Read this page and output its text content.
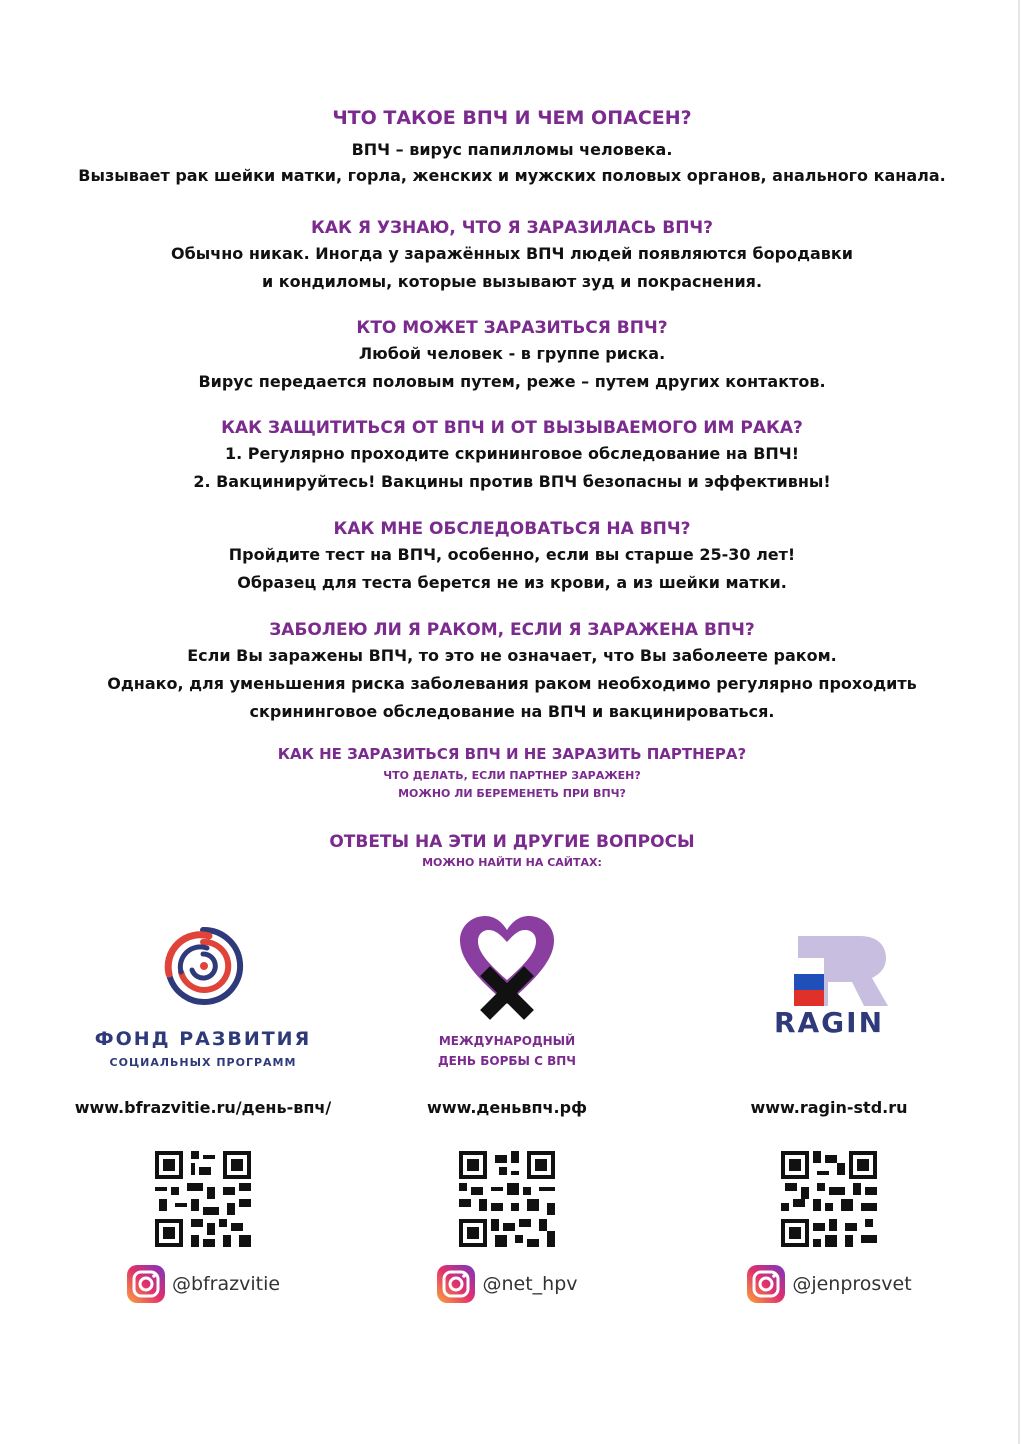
ЧТО ТАКОЕ ВПЧ И ЧЕМ ОПАСЕН?

ВПЧ – вирус папилломы человека.

Вызывает рак шейки матки, горла, женских и мужских половых органов, анального канала.

КАК Я УЗНАЮ, ЧТО Я ЗАРАЗИЛАСЬ ВПЧ?

Обычно никак. Иногда у заражённых ВПЧ людей появляются бородавки

и кондиломы, которые вызывают зуд и покраснения.

КТО МОЖЕТ ЗАРАЗИТЬСЯ ВПЧ?

Любой человек - в группе риска.

Вирус передается половым путем, реже – путем других контактов.

КАК ЗАЩИТИТЬСЯ ОТ ВПЧ И ОТ ВЫЗЫВАЕМОГО ИМ РАКА?

1. Регулярно проходите скрининговое обследование на ВПЧ!

2. Вакцинируйтесь! Вакцины против ВПЧ безопасны и эффективны!

КАК МНЕ ОБСЛЕДОВАТЬСЯ НА ВПЧ?

Пройдите тест на ВПЧ, особенно, если вы старше 25-30 лет!

Образец для теста берется не из крови, а из шейки матки.

ЗАБОЛЕЮ ЛИ Я РАКОМ, ЕСЛИ Я ЗАРАЖЕНА ВПЧ?

Если Вы заражены ВПЧ, то это не означает, что Вы заболеете раком.

Однако, для уменьшения риска заболевания раком необходимо регулярно проходить

скрининговое обследование на ВПЧ и вакцинироваться.

КАК НЕ ЗАРАЗИТЬСЯ ВПЧ И НЕ ЗАРАЗИТЬ ПАРТНЕРА?

ЧТО ДЕЛАТЬ, ЕСЛИ ПАРТНЕР ЗАРАЖЕН?

МОЖНО ЛИ БЕРЕМЕНЕТЬ ПРИ ВПЧ?

ОТВЕТЫ НА ЭТИ И ДРУГИЕ ВОПРОСЫ

МОЖНО НАЙТИ НА САЙТАХ:

ФОНД РАЗВИТИЯ
СОЦИАЛЬНЫХ ПРОГРАММ
www.bfrazvitie.ru/день-впч/
@bfrazvitie
МЕЖДУНАРОДНЫЙ
ДЕНЬ БОРБЫ С ВПЧ
www.деньвпч.рф
@net_hpv
RAGIN
www.ragin-std.ru
@jenprosvet
